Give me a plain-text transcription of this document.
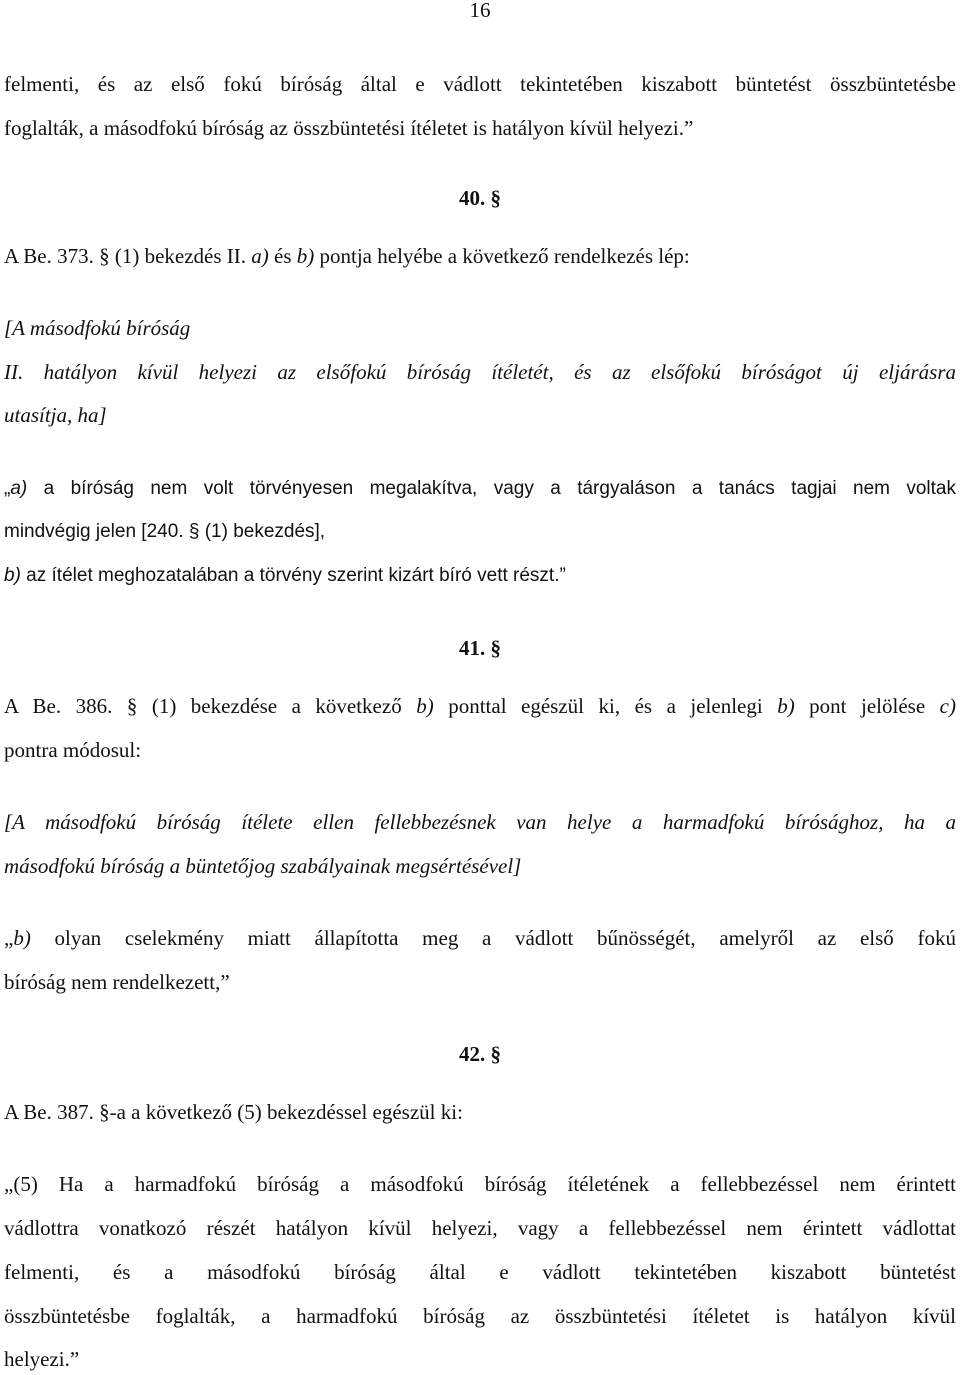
16
felmenti, és az első fokú bíróság által e vádlott tekintetében kiszabott büntetést összbüntetésbe
foglalták, a másodfokú bíróság az összbüntetési ítéletet is hatályon kívül helyezi.”
40. §
A Be. 373. § (1) bekezdés II. a) és b) pontja helyébe a következő rendelkezés lép:
[A másodfokú bíróság
II. hatályon kívül helyezi az elsőfokú bíróság ítéletét, és az elsőfokú bíróságot új eljárásra
utasítja, ha]
„a) a bíróság nem volt törvényesen megalakítva, vagy a tárgyaláson a tanács tagjai nem voltak
mindvégig jelen [240. § (1) bekezdés],
b) az ítélet meghozatalában a törvény szerint kizárt bíró vett részt.”
41. §
A Be. 386. § (1) bekezdése a következő b) ponttal egészül ki, és a jelenlegi b) pont jelölése c)
pontra módosul:
[A másodfokú bíróság ítélete ellen fellebbezésnek van helye a harmadfokú bírósághoz, ha a
másodfokú bíróság a büntetőjog szabályainak megsértésével]
„b) olyan cselekmény miatt állapította meg a vádlott bűnösségét, amelyről az első fokú
bíróság nem rendelkezett,”
42. §
A Be. 387. §-a a következő (5) bekezdéssel egészül ki:
„(5) Ha a harmadfokú bíróság a másodfokú bíróság ítéletének a fellebbezéssel nem érintett
vádlottra vonatkozó részét hatályon kívül helyezi, vagy a fellebbezéssel nem érintett vádlottat
felmenti, és a másodfokú bíróság által e vádlott tekintetében kiszabott büntetést
összbüntetésbe foglalták, a harmadfokú bíróság az összbüntetési ítéletet is hatályon kívül
helyezi.”
